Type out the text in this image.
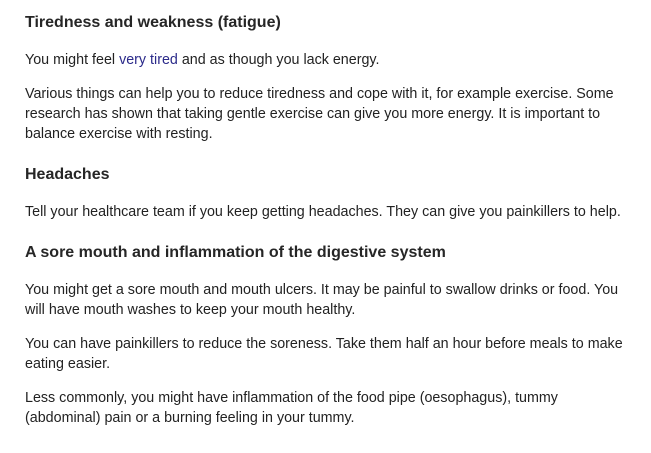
Tiredness and weakness (fatigue)

You might feel very tired and as though you lack energy.

Various things can help you to reduce tiredness and cope with it, for example exercise. Some research has shown that taking gentle exercise can give you more energy. It is important to balance exercise with resting.

Headaches

Tell your healthcare team if you keep getting headaches. They can give you painkillers to help.

A sore mouth and inflammation of the digestive system

You might get a sore mouth and mouth ulcers. It may be painful to swallow drinks or food. You will have mouth washes to keep your mouth healthy.

You can have painkillers to reduce the soreness. Take them half an hour before meals to make eating easier.

Less commonly, you might have inflammation of the food pipe (oesophagus), tummy (abdominal) pain or a burning feeling in your tummy.
